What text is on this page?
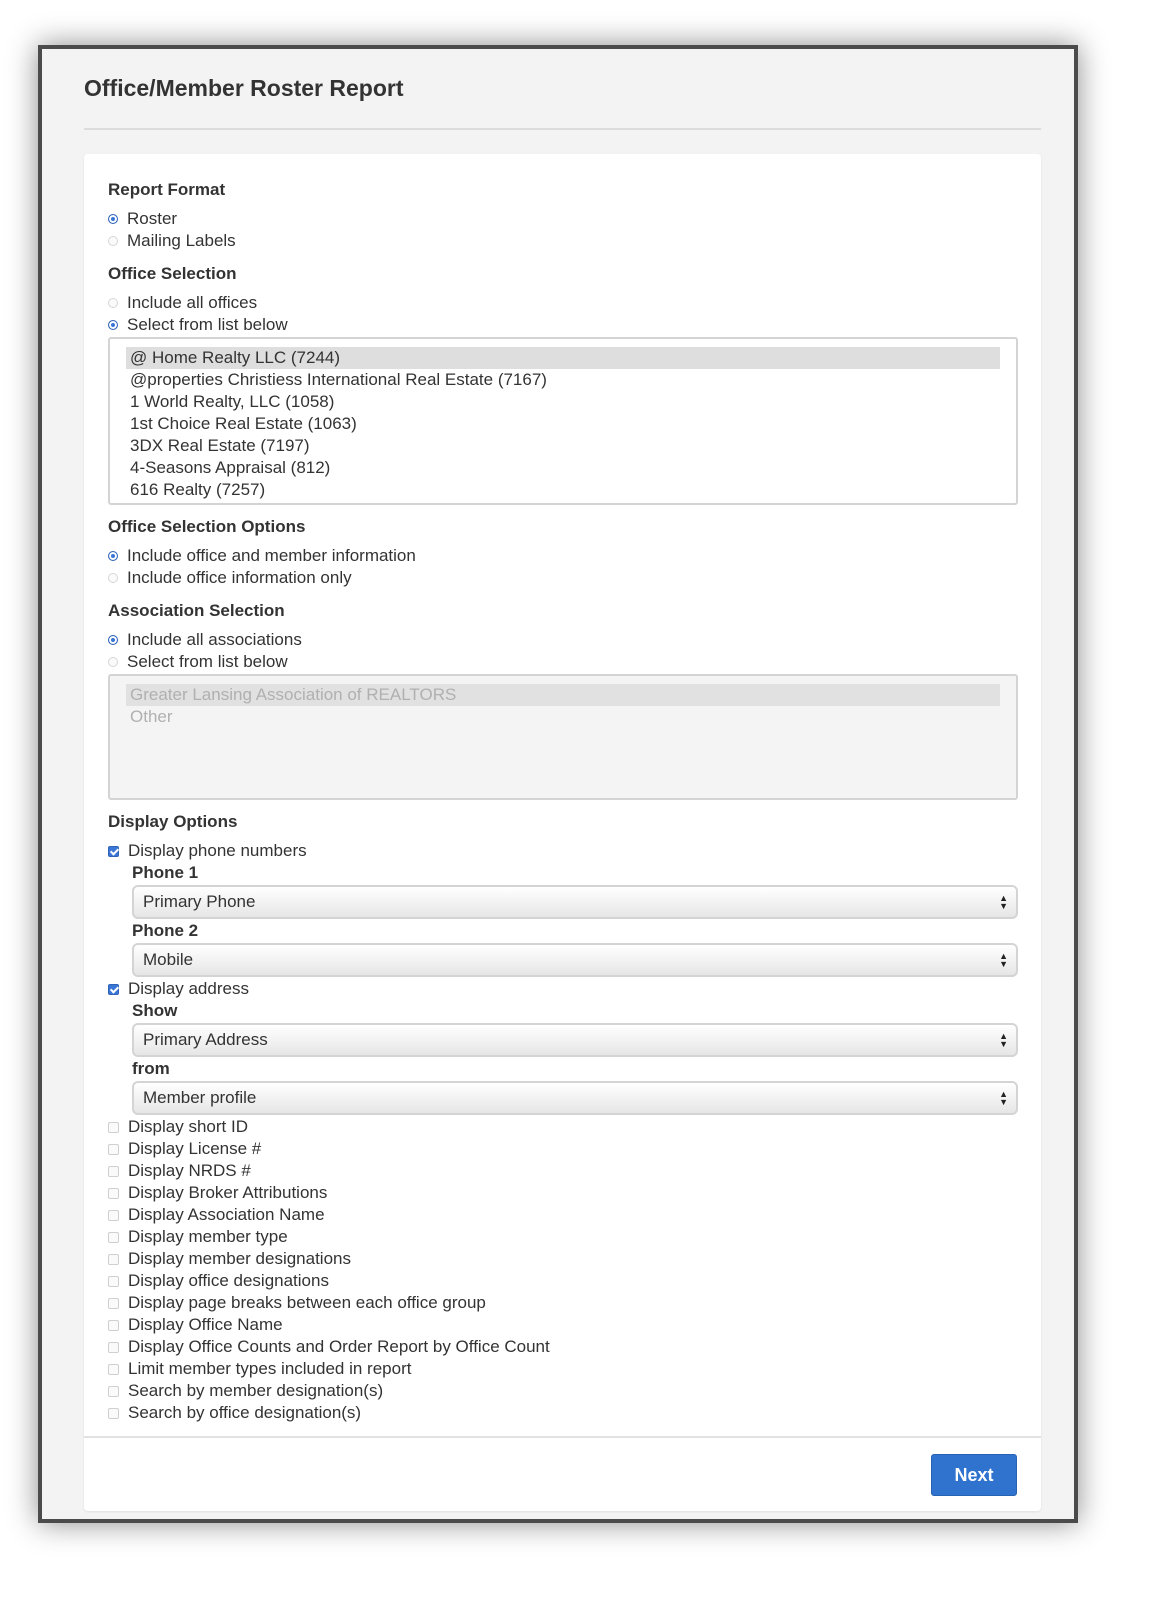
Office/Member Roster Report
Report Format
Roster
Mailing Labels
Office Selection
Include all offices
Select from list below
@ Home Realty LLC (7244)
@properties Christiess International Real Estate (7167)
1 World Realty, LLC (1058)
1st Choice Real Estate (1063)
3DX Real Estate (7197)
4-Seasons Appraisal (812)
616 Realty (7257)
Office Selection Options
Include office and member information
Include office information only
Association Selection
Include all associations
Select from list below
Greater Lansing Association of REALTORS
Other
Display Options
Display phone numbers
Phone 1
Primary Phone	▲
▼
Phone 2
Mobile	▲
▼
Display address
Show
Primary Address	▲
▼
from
Member profile	▲
▼
Display short ID
Display License #
Display NRDS #
Display Broker Attributions
Display Association Name
Display member type
Display member designations
Display office designations
Display page breaks between each office group
Display Office Name
Display Office Counts and Order Report by Office Count
Limit member types included in report
Search by member designation(s)
Search by office designation(s)
Next
